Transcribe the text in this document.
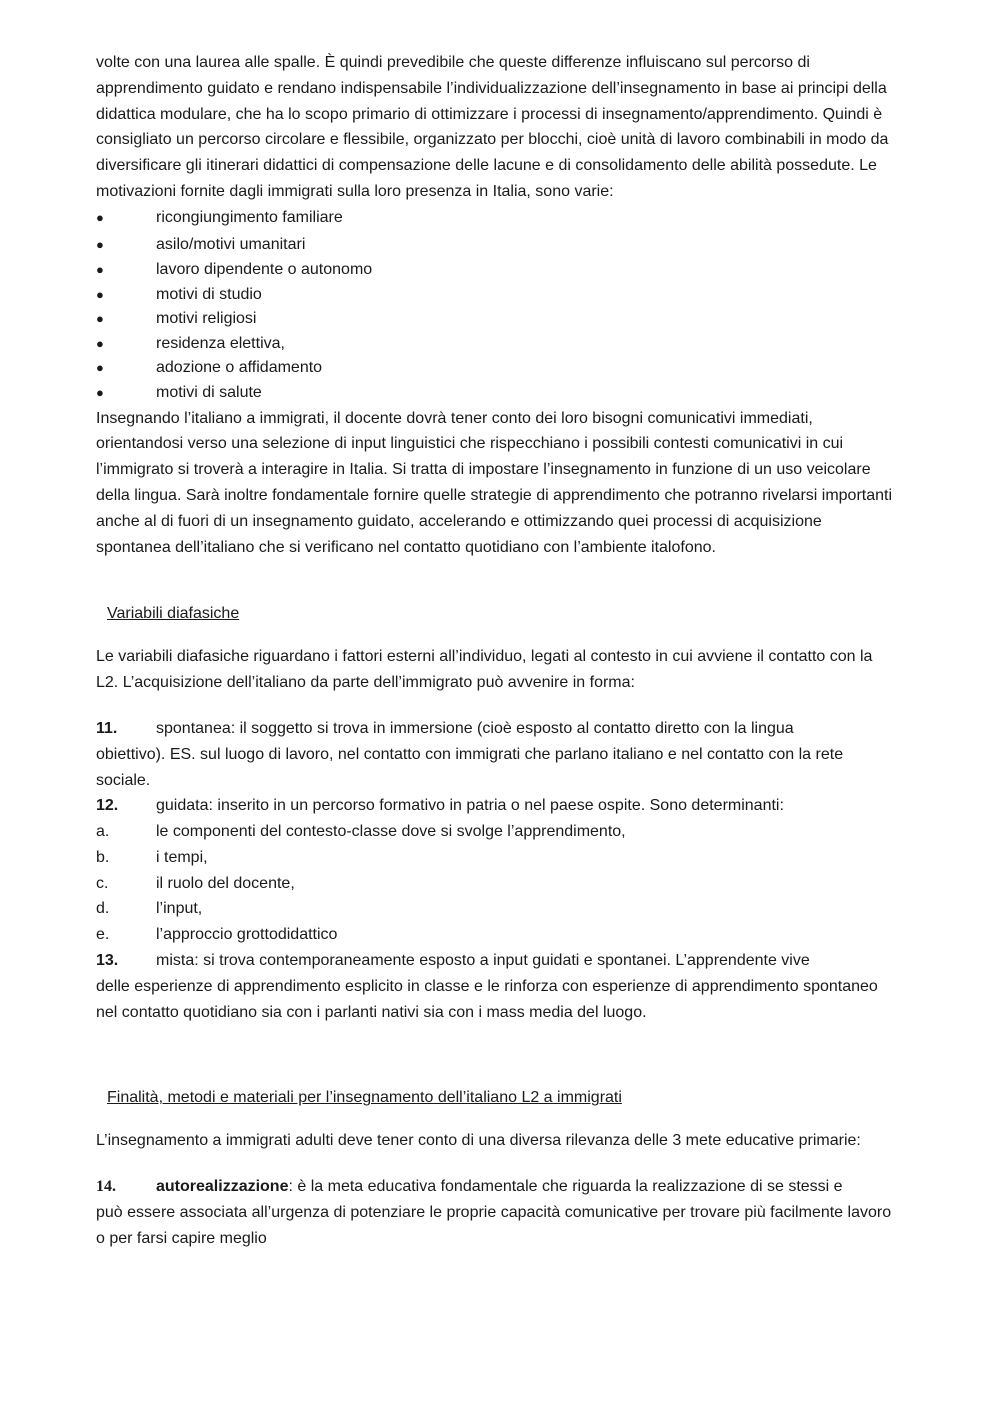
volte con una laurea alle spalle. È quindi prevedibile che queste differenze influiscano sul percorso di apprendimento guidato e rendano indispensabile l’individualizzazione dell’insegnamento in base ai principi della didattica modulare, che ha lo scopo primario di ottimizzare i processi di insegnamento/apprendimento. Quindi è consigliato un percorso circolare e flessibile, organizzato per blocchi, cioè unità di lavoro combinabili in modo da diversificare gli itinerari didattici di compensazione delle lacune e di consolidamento delle abilità possedute. Le motivazioni fornite dagli immigrati sulla loro presenza in Italia, sono varie:

●	ricongiungimento familiare
●	asilo/motivi umanitari
●	lavoro dipendente o autonomo
●	motivi di studio
●	motivi religiosi
●	residenza elettiva,
●	adozione o affidamento
●	motivi di salute

Insegnando l’italiano a immigrati, il docente dovrà tener conto dei loro bisogni comunicativi immediati, orientandosi verso una selezione di input linguistici che rispecchiano i possibili contesti comunicativi in cui l’immigrato si troverà a interagire in Italia. Si tratta di impostare l’insegnamento in funzione di un uso veicolare della lingua. Sarà inoltre fondamentale fornire quelle strategie di apprendimento che potranno rivelarsi importanti anche al di fuori di un insegnamento guidato, accelerando e ottimizzando quei processi di acquisizione spontanea dell’italiano che si verificano nel contatto quotidiano con l’ambiente italofono.

Variabili diafasiche

Le variabili diafasiche riguardano i fattori esterni all’individuo, legati al contesto in cui avviene il contatto con la L2. L’acquisizione dell’italiano da parte dell’immigrato può avvenire in forma:

11.	spontanea: il soggetto si trova in immersione (cioè esposto al contatto diretto con la lingua

obiettivo). ES. sul luogo di lavoro, nel contatto con immigrati che parlano italiano e nel contatto con la rete sociale.

12.	guidata: inserito in un percorso formativo in patria o nel paese ospite. Sono determinanti:
a.	le componenti del contesto-classe dove si svolge l’apprendimento,
b.	i tempi,
c.	il ruolo del docente,
d.	l’input,
e.	l’approccio grottodidattico
13.	mista: si trova contemporaneamente esposto a input guidati e spontanei. L’apprendente vive

delle esperienze di apprendimento esplicito in classe e le rinforza con esperienze di apprendimento spontaneo nel contatto quotidiano sia con i parlanti nativi sia con i mass media del luogo.

Finalità, metodi e materiali per l’insegnamento dell’italiano L2 a immigrati

L’insegnamento a immigrati adulti deve tener conto di una diversa rilevanza delle 3 mete educative primarie:

14.	autorealizzazione: è la meta educativa fondamentale che riguarda la realizzazione di se stessi e

può essere associata all’urgenza di potenziare le proprie capacità comunicative per trovare più facilmente lavoro o per farsi capire meglio
